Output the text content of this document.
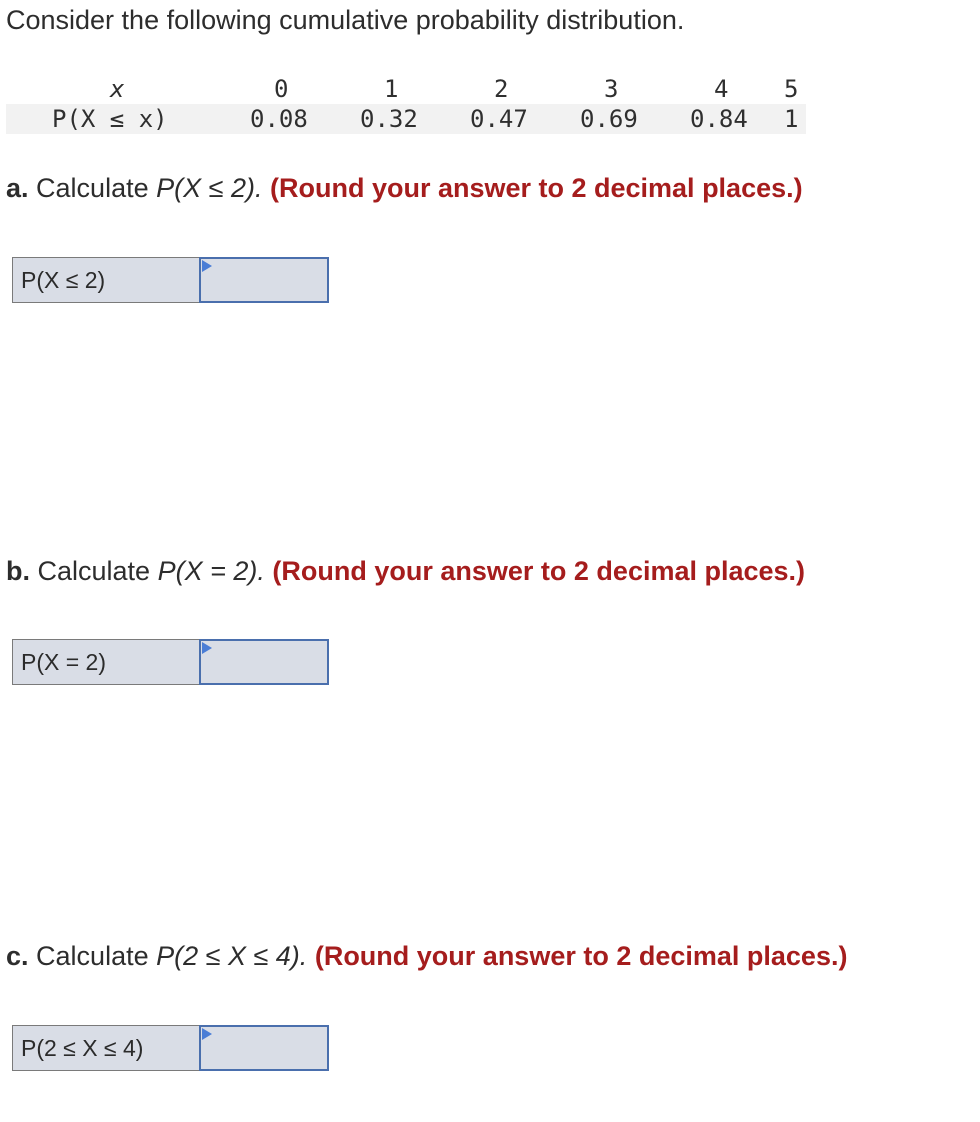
Consider the following cumulative probability distribution.

x	0	1	2	3	4 5
P(X ≤ x)	0.08 0.32 0.47 0.69 0.84 1

a. Calculate P(X ≤ 2). (Round your answer to 2 decimal places.)

P(X ≤ 2)

b. Calculate P(X = 2). (Round your answer to 2 decimal places.)

P(X = 2)

c. Calculate P(2 ≤ X ≤ 4). (Round your answer to 2 decimal places.)

P(2 ≤ X ≤ 4)
